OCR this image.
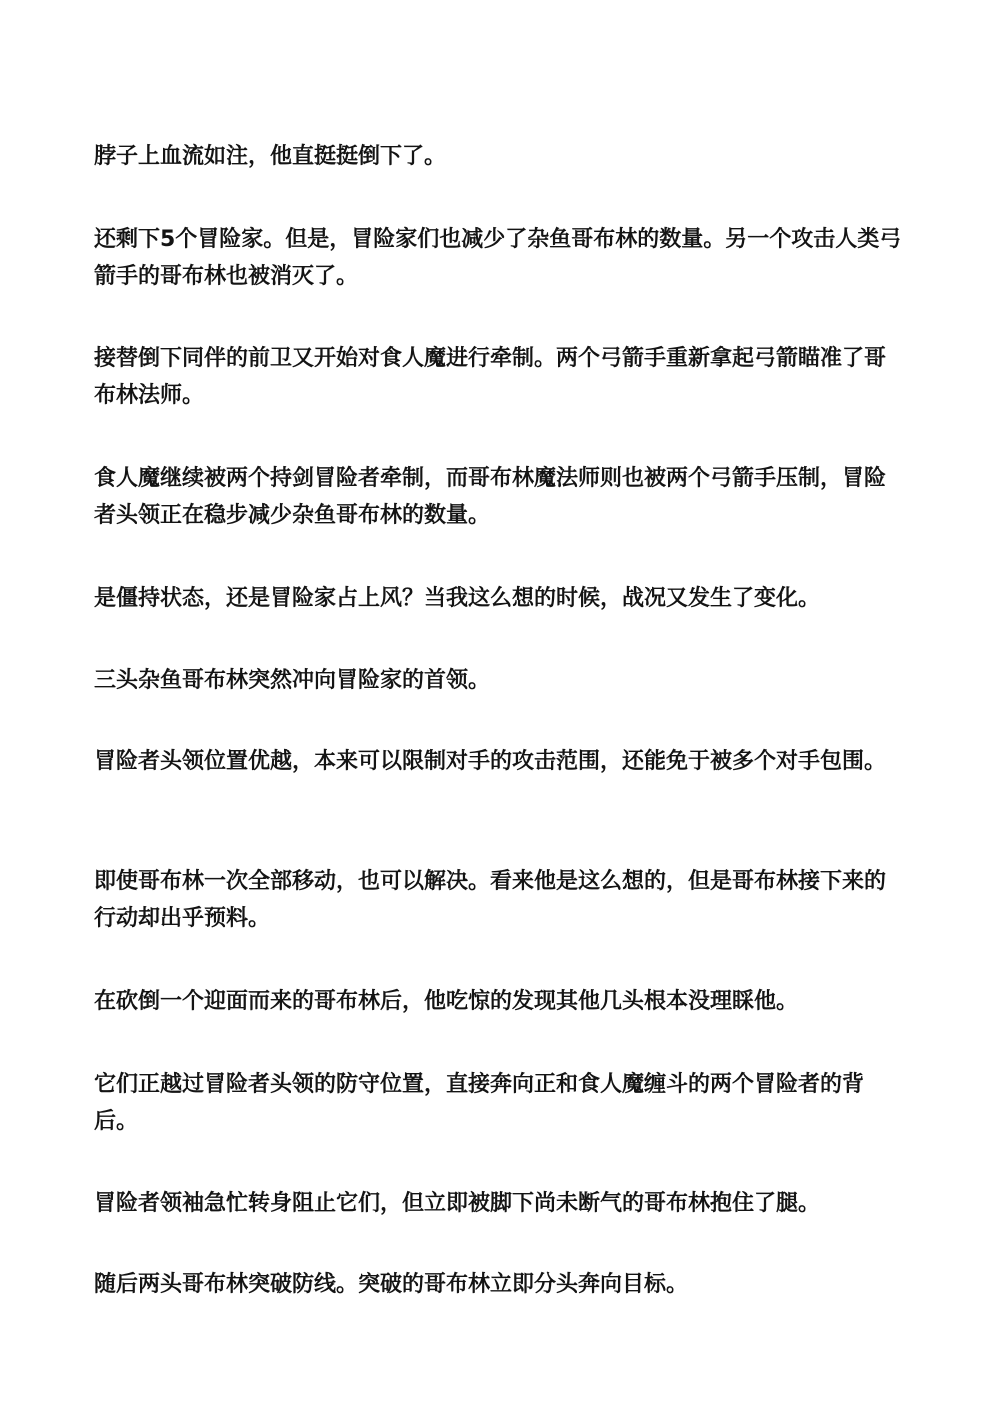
脖子上血流如注，他直挺挺倒下了。

还剩下5个冒险家。但是，冒险家们也减少了杂鱼哥布林的数量。另一个攻击人类弓箭手的哥布林也被消灭了。

接替倒下同伴的前卫又开始对食人魔进行牵制。两个弓箭手重新拿起弓箭瞄准了哥布林法师。

食人魔继续被两个持剑冒险者牵制，而哥布林魔法师则也被两个弓箭手压制，冒险者头领正在稳步减少杂鱼哥布林的数量。

是僵持状态，还是冒险家占上风？当我这么想的时候，战况又发生了变化。

三头杂鱼哥布林突然冲向冒险家的首领。

冒险者头领位置优越，本来可以限制对手的攻击范围，还能免于被多个对手包围。

即使哥布林一次全部移动，也可以解决。看来他是这么想的，但是哥布林接下来的行动却出乎预料。

在砍倒一个迎面而来的哥布林后，他吃惊的发现其他几头根本没理睬他。

它们正越过冒险者头领的防守位置，直接奔向正和食人魔缠斗的两个冒险者的背后。

冒险者领袖急忙转身阻止它们，但立即被脚下尚未断气的哥布林抱住了腿。

随后两头哥布林突破防线。突破的哥布林立即分头奔向目标。
